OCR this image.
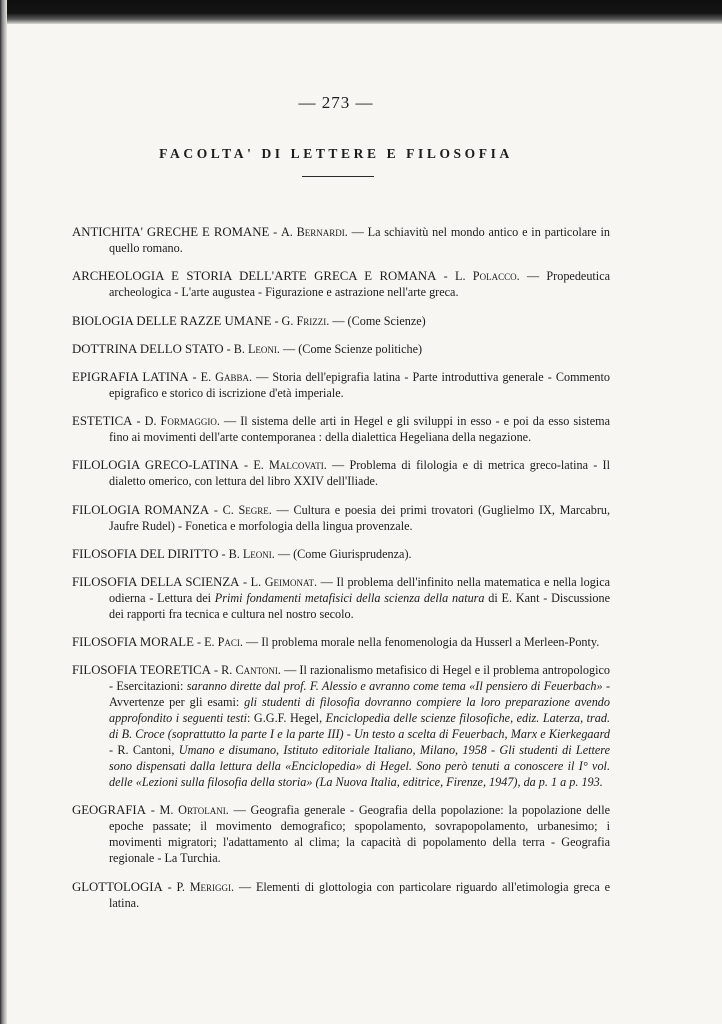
— 273 —
FACOLTA' DI LETTERE E FILOSOFIA

ANTICHITA' GRECHE E ROMANE - A. Bernardi. — La schiavitù nel mondo antico e in particolare in quello romano.

ARCHEOLOGIA E STORIA DELL'ARTE GRECA E ROMANA - L. Polacco. — Propedeutica archeologica - L'arte augustea - Figurazione e astrazione nell'arte greca.

BIOLOGIA DELLE RAZZE UMANE - G. Frizzi. — (Come Scienze)

DOTTRINA DELLO STATO - B. Leoni. — (Come Scienze politiche)

EPIGRAFIA LATINA - E. Gabba. — Storia dell'epigrafia latina - Parte introduttiva generale - Commento epigrafico e storico di iscrizione d'età imperiale.

ESTETICA - D. Formaggio. — Il sistema delle arti in Hegel e gli sviluppi in esso - e poi da esso sistema fino ai movimenti dell'arte contemporanea : della dialettica Hegeliana della negazione.

FILOLOGIA GRECO-LATINA - E. Malcovati. — Problema di filologia e di metrica greco-latina - Il dialetto omerico, con lettura del libro XXIV dell'Iliade.

FILOLOGIA ROMANZA - C. Segre. — Cultura e poesia dei primi trovatori (Guglielmo IX, Marcabru, Jaufre Rudel) - Fonetica e morfologia della lingua provenzale.

FILOSOFIA DEL DIRITTO - B. Leoni. — (Come Giurisprudenza).

FILOSOFIA DELLA SCIENZA - L. Geimonat. — Il problema dell'infinito nella matematica e nella logica odierna - Lettura dei Primi fondamenti metafisici della scienza della natura di E. Kant - Discussione dei rapporti fra tecnica e cultura nel nostro secolo.

FILOSOFIA MORALE - E. Paci. — Il problema morale nella fenomenologia da Husserl a Merleen-Ponty.

FILOSOFIA TEORETICA - R. Cantoni. — Il razionalismo metafisico di Hegel e il problema antropologico - Esercitazioni: saranno dirette dal prof. F. Alessio e avranno come tema «Il pensiero di Feuerbach» - Avvertenze per gli esami: gli studenti di filosofia dovranno compiere la loro preparazione avendo approfondito i seguenti testi: G.G.F. Hegel, Enciclopedia delle scienze filosofiche, ediz. Laterza, trad. di B. Croce (soprattutto la parte I e la parte III) - Un testo a scelta di Feuerbach, Marx e Kierkegaard - R. Cantoni, Umano e disumano, Istituto editoriale Italiano, Milano, 1958 - Gli studenti di Lettere sono dispensati dalla lettura della «Enciclopedia» di Hegel. Sono però tenuti a conoscere il I° vol. delle «Lezioni sulla filosofia della storia» (La Nuova Italia, editrice, Firenze, 1947), da p. 1 a p. 193.

GEOGRAFIA - M. Ortolani. — Geografia generale - Geografia della popolazione: la popolazione delle epoche passate; il movimento demografico; spopolamento, sovrapopolamento, urbanesimo; i movimenti migratori; l'adattamento al clima; la capacità di popolamento della terra - Geografia regionale - La Turchia.

GLOTTOLOGIA - P. Meriggi. — Elementi di glottologia con particolare riguardo all'etimologia greca e latina.
